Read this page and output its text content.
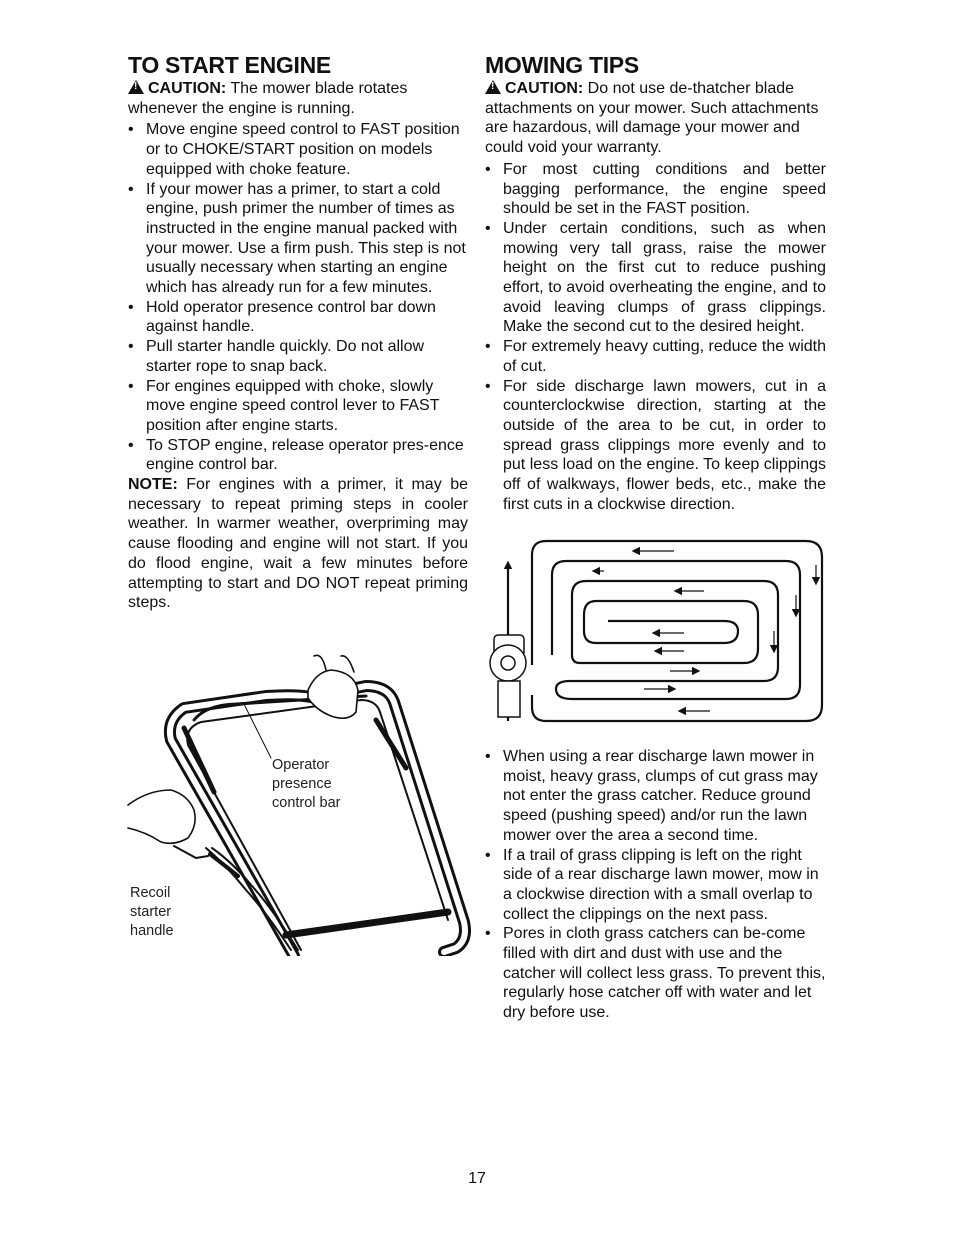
TO START ENGINE

!CAUTION: The mower blade rotates whenever the engine is running.

• Move engine speed control to FAST position or to CHOKE/START position on models equipped with choke feature.
• If your mower has a primer, to start a cold engine, push primer the number of times as instructed in the engine manual packed with your mower. Use a firm push. This step is not usually necessary when starting an engine which has already run for a few minutes.
• Hold operator presence control bar down against handle.
• Pull starter handle quickly. Do not allow starter rope to snap back.
• For engines equipped with choke, slowly move engine speed control lever to FAST position after engine starts.
• To STOP engine, release operator pres-ence engine control bar.

NOTE: For engines with a primer, it may be necessary to repeat priming steps in cooler weather. In warmer weather, overpriming may cause flooding and engine will not start. If you do flood engine, wait a few minutes before attempting to start and DO NOT repeat priming steps.

Operator
presence
control bar
Recoil
starter
handle
MOWING TIPS

!CAUTION: Do not use de-thatcher blade attachments on your mower. Such attachments are hazardous, will damage your mower and could void your warranty.

• For most cutting conditions and better bagging performance, the engine speed should be set in the FAST position.
• Under certain conditions, such as when mowing very tall grass, raise the mower height on the first cut to reduce pushing effort, to avoid overheating the engine, and to avoid leaving clumps of grass clippings. Make the second cut to the desired height.
• For extremely heavy cutting, reduce the width of cut.
• For side discharge lawn mowers, cut in a counterclockwise direction, starting at the outside of the area to be cut, in order to spread grass clippings more evenly and to put less load on the engine. To keep clippings off of walkways, flower beds, etc., make the first cuts in a clockwise direction.
• When using a rear discharge lawn mower in moist, heavy grass, clumps of cut grass may not enter the grass catcher. Reduce ground speed (pushing speed) and/or run the lawn mower over the area a second time.
• If a trail of grass clipping is left on the right side of a rear discharge lawn mower, mow in a clockwise direction with a small overlap to collect the clippings on the next pass.
• Pores in cloth grass catchers can be-come filled with dirt and dust with use and the catcher will collect less grass. To prevent this, regularly hose catcher off with water and let dry before use.
17
